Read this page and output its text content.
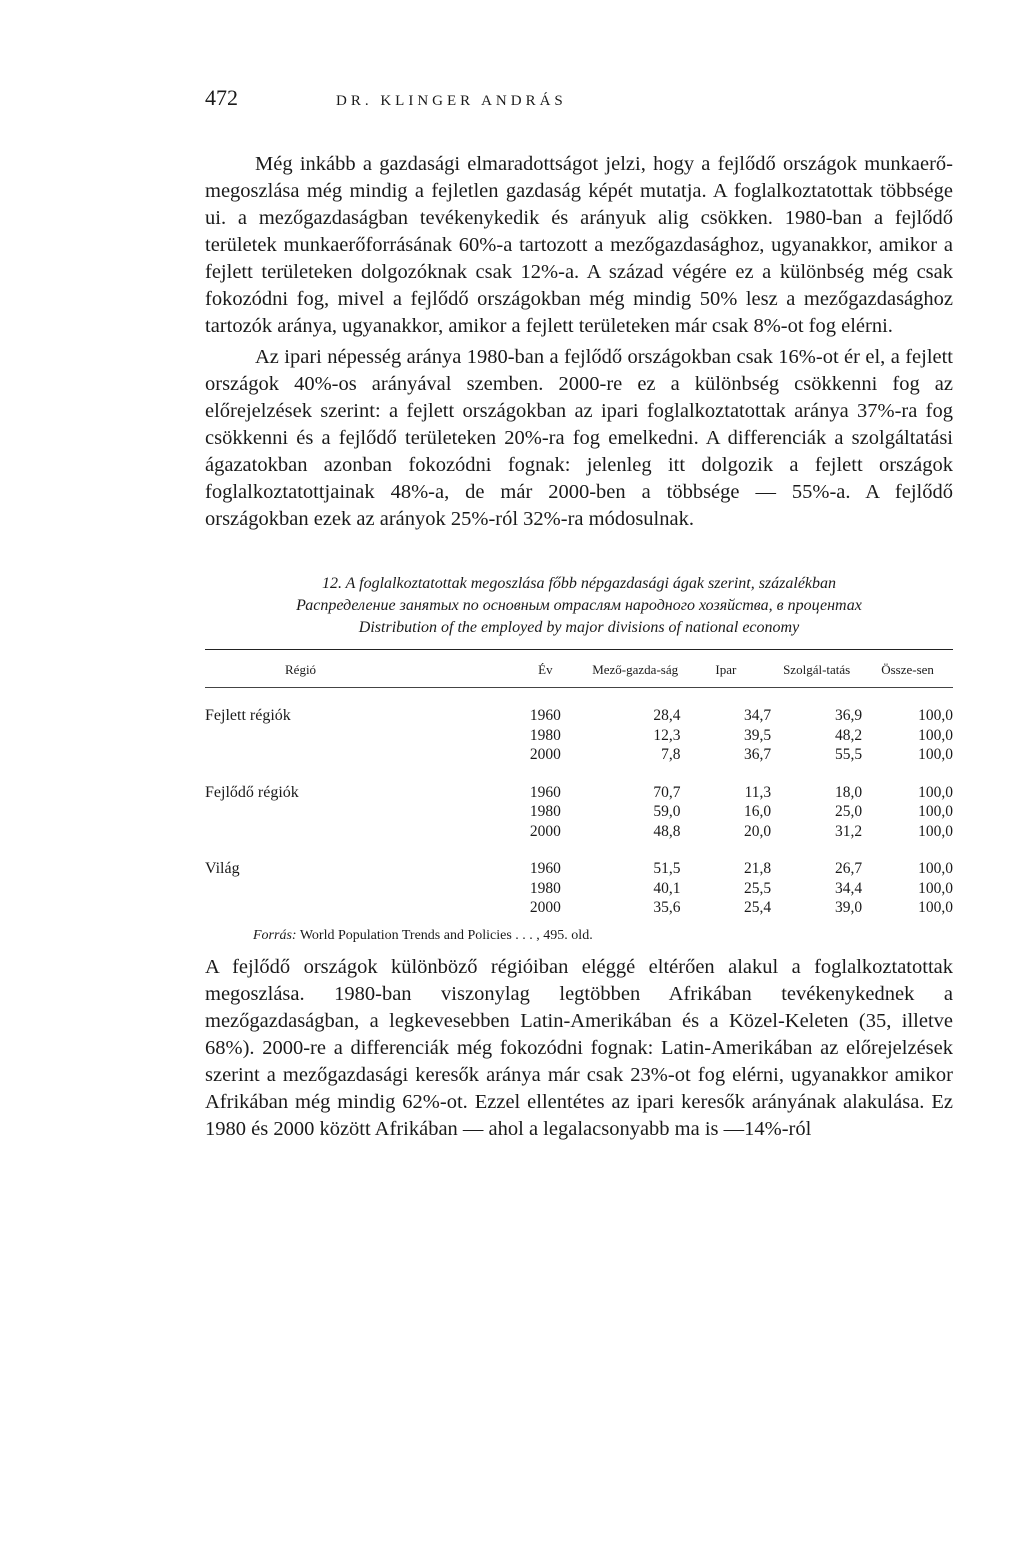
472	DR. KLINGER ANDRÁS

Még inkább a gazdasági elmaradottságot jelzi, hogy a fejlődő országok munkaerő-megoszlása még mindig a fejletlen gazdaság képét mutatja. A foglalkoztatottak többsége ui. a mezőgazdaságban tevékenykedik és arányuk alig csökken. 1980-ban a fejlődő területek munkaerőforrásának 60%-a tartozott a mezőgazdasághoz, ugyanakkor, amikor a fejlett területeken dolgozóknak csak 12%-a. A század végére ez a különbség még csak fokozódni fog, mivel a fejlődő országokban még mindig 50% lesz a mezőgazdasághoz tartozók aránya, ugyanakkor, amikor a fejlett területeken már csak 8%-ot fog elérni.

Az ipari népesség aránya 1980-ban a fejlődő országokban csak 16%-ot ér el, a fejlett országok 40%-os arányával szemben. 2000-re ez a különbség csökkenni fog az előrejelzések szerint: a fejlett országokban az ipari foglalkoztatottak aránya 37%-ra fog csökkenni és a fejlődő területeken 20%-ra fog emelkedni. A differenciák a szolgáltatási ágazatokban azonban fokozódni fognak: jelenleg itt dolgozik a fejlett országok foglalkoztatottjainak 48%-a, de már 2000-ben a többsége — 55%-a. A fejlődő országokban ezek az arányok 25%-ról 32%-ra módosulnak.

12. A foglalkoztatottak megoszlása főbb népgazdasági ágak szerint, százalékban
Распределение занятых по основным отраслям народного хозяйства, в процентах
Distribution of the employed by major divisions of national economy
Régió	Év	Mező-gazda-ság	Ipar	Szolgál-tatás	Össze-sen

Fejlett régiók	1960	28,4	34,7	36,9	100,0
	1980	12,3	39,5	48,2	100,0
	2000	7,8	36,7	55,5	100,0

Fejlődő régiók	1960	70,7	11,3	18,0	100,0
	1980	59,0	16,0	25,0	100,0
	2000	48,8	20,0	31,2	100,0

Világ	1960	51,5	21,8	26,7	100,0
	1980	40,1	25,5	34,4	100,0
	2000	35,6	25,4	39,0	100,0
Forrás: World Population Trends and Policies . . . , 495. old.

A fejlődő országok különböző régióiban eléggé eltérően alakul a foglalkoztatottak megoszlása. 1980-ban viszonylag legtöbben Afrikában tevékenykednek a mezőgazdaságban, a legkevesebben Latin-Amerikában és a Közel-Keleten (35, illetve 68%). 2000-re a differenciák még fokozódni fognak: Latin-Amerikában az előrejelzések szerint a mezőgazdasági keresők aránya már csak 23%-ot fog elérni, ugyanakkor amikor Afrikában még mindig 62%-ot. Ezzel ellentétes az ipari keresők arányának alakulása. Ez 1980 és 2000 között Afrikában — ahol a legalacsonyabb ma is —14%-ról
